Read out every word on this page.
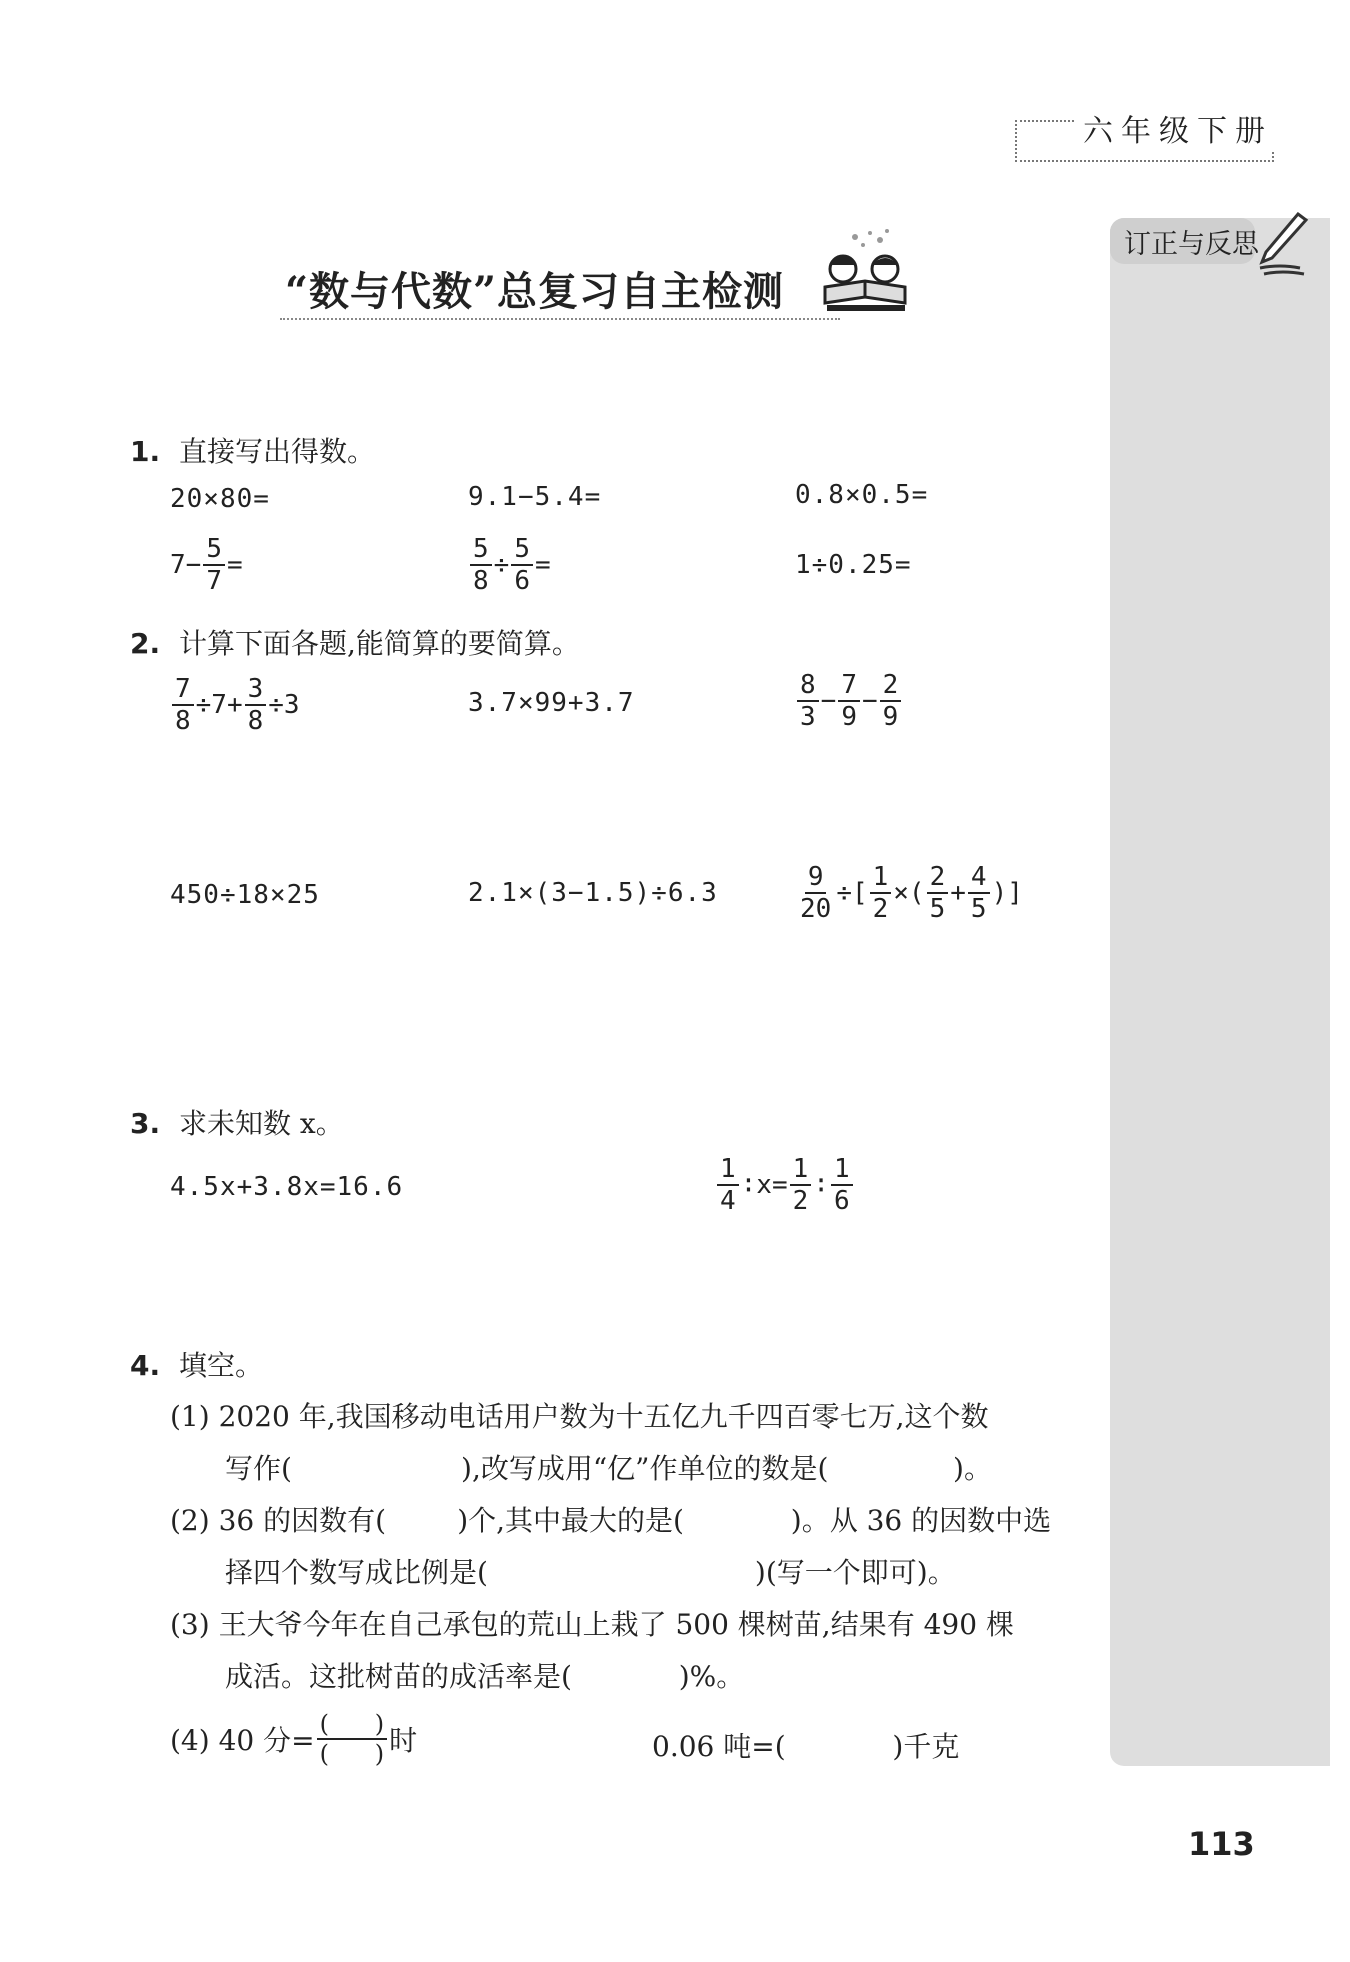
六年级下册
订正与反思
“数与代数”总复习自主检测
1. 直接写出得数。
20×80=	9.1−5.4=	0.8×0.5=
$7- \frac{5}{7}$ =	$\frac{5}{8} \div \frac{5}{6}$ =	1÷0.25=
2. 计算下面各题,能简算的要简算。
$\frac{7}{8} \div 7+ \frac{3}{8} \div 3$	3.7×99+3.7	$\frac{8}{3} - \frac{7}{9} - \frac{2}{9}$
450÷18×25	2.1×(3−1.5)÷6.3	$\frac{9}{20}$ ÷[ $\frac{1}{2}$ ×( $\frac{2}{5} + \frac{4}{5}$ )]
3. 求未知数 x。
4.5x+3.8x=16.6	$\frac{1}{4}$ ∶x= $\frac{1}{2}$ ∶ $\frac{1}{6}$
4. 填空。
(1) 2020 年,我国移动电话用户数为十五亿九千四百零七万,这个数
写作(                   ),改写成用“亿”作单位的数是(              )。
(2) 36 的因数有(        )个,其中最大的是(            )。从 36 的因数中选
择四个数写成比例是(                              )(写一个即可)。
(3) 王大爷今年在自己承包的荒山上栽了 500 棵树苗,结果有 490 棵
成活。这批树苗的成活率是(            )%。
(4) 40 分= $\frac{( )}{( )}$ 时	0.06 吨=(            )千克
113
